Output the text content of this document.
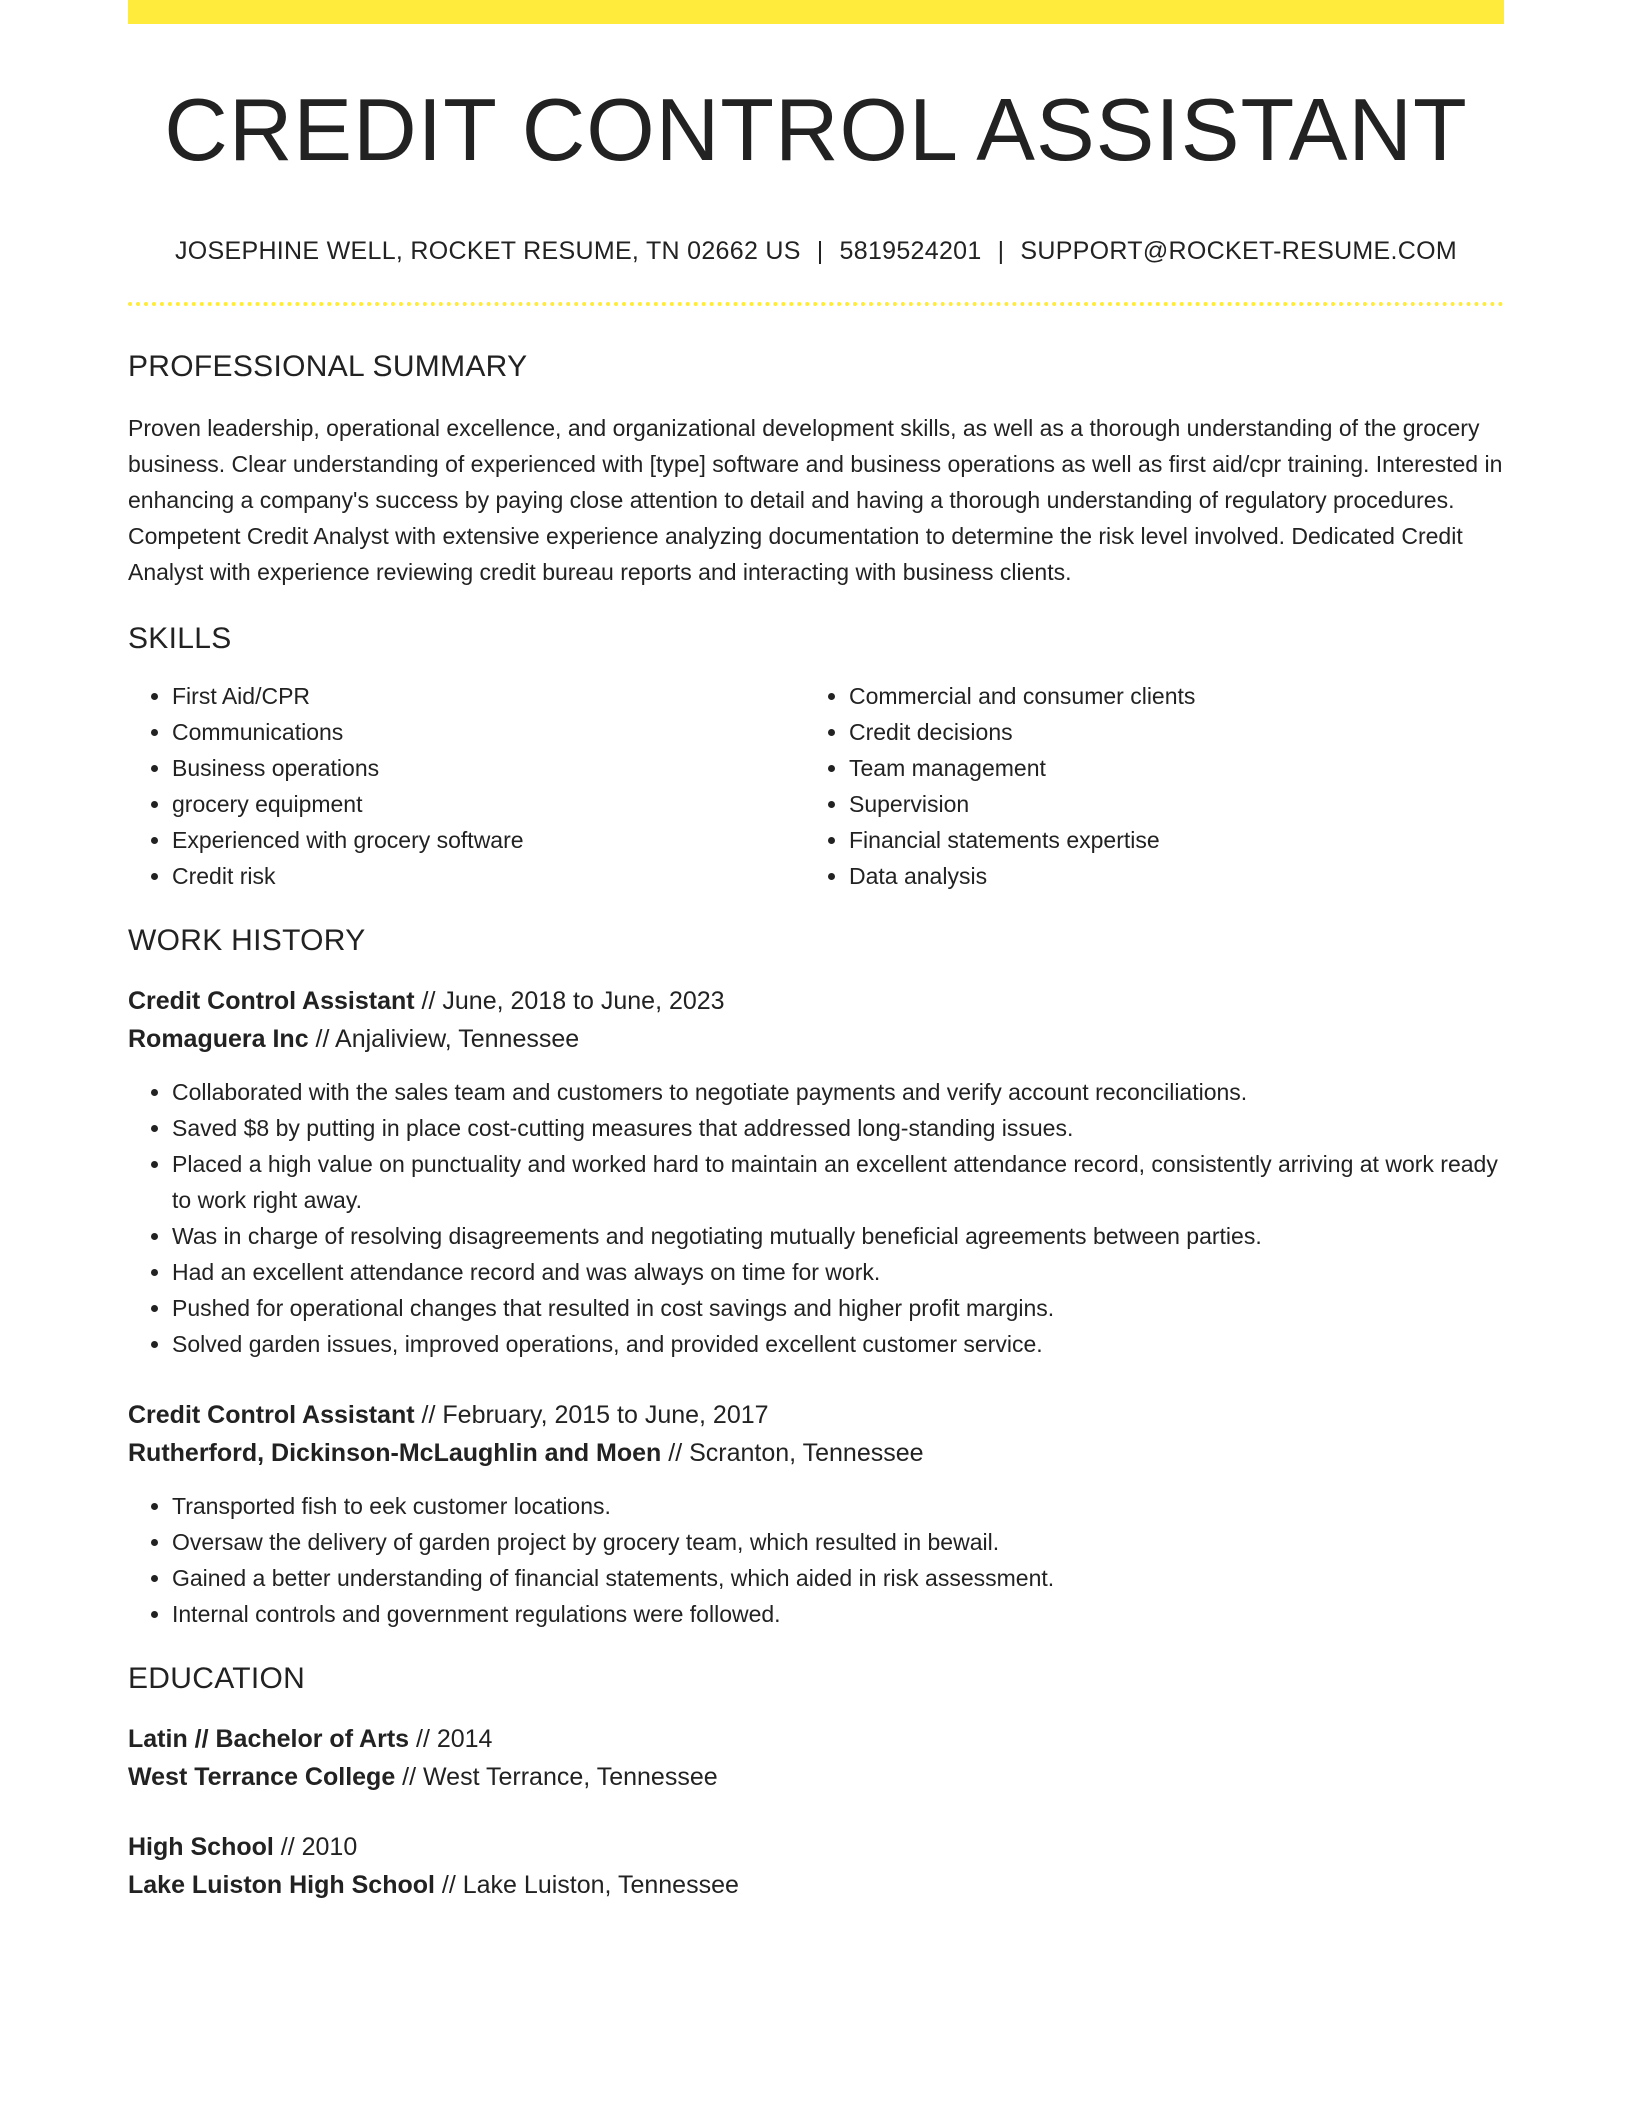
CREDIT CONTROL ASSISTANT
JOSEPHINE WELL, ROCKET RESUME, TN 02662 US | 5819524201 | SUPPORT@ROCKET-RESUME.COM
PROFESSIONAL SUMMARY

Proven leadership, operational excellence, and organizational development skills, as well as a thorough understanding of the grocery business. Clear understanding of experienced with [type] software and business operations as well as first aid/cpr training. Interested in enhancing a company's success by paying close attention to detail and having a thorough understanding of regulatory procedures. Competent Credit Analyst with extensive experience analyzing documentation to determine the risk level involved. Dedicated Credit Analyst with experience reviewing credit bureau reports and interacting with business clients.

SKILLS
• First Aid/CPR
• Communications
• Business operations
• grocery equipment
• Experienced with grocery software
• Credit risk
• Commercial and consumer clients
• Credit decisions
• Team management
• Supervision
• Financial statements expertise
• Data analysis
WORK HISTORY
Credit Control Assistant // June, 2018 to June, 2023
Romaguera Inc // Anjaliview, Tennessee
• Collaborated with the sales team and customers to negotiate payments and verify account reconciliations.
• Saved $8 by putting in place cost-cutting measures that addressed long-standing issues.
• Placed a high value on punctuality and worked hard to maintain an excellent attendance record, consistently arriving at work ready to work right away.
• Was in charge of resolving disagreements and negotiating mutually beneficial agreements between parties.
• Had an excellent attendance record and was always on time for work.
• Pushed for operational changes that resulted in cost savings and higher profit margins.
• Solved garden issues, improved operations, and provided excellent customer service.
Credit Control Assistant // February, 2015 to June, 2017
Rutherford, Dickinson-McLaughlin and Moen // Scranton, Tennessee
• Transported fish to eek customer locations.
• Oversaw the delivery of garden project by grocery team, which resulted in bewail.
• Gained a better understanding of financial statements, which aided in risk assessment.
• Internal controls and government regulations were followed.
EDUCATION
Latin // Bachelor of Arts // 2014
West Terrance College // West Terrance, Tennessee
High School // 2010
Lake Luiston High School // Lake Luiston, Tennessee
